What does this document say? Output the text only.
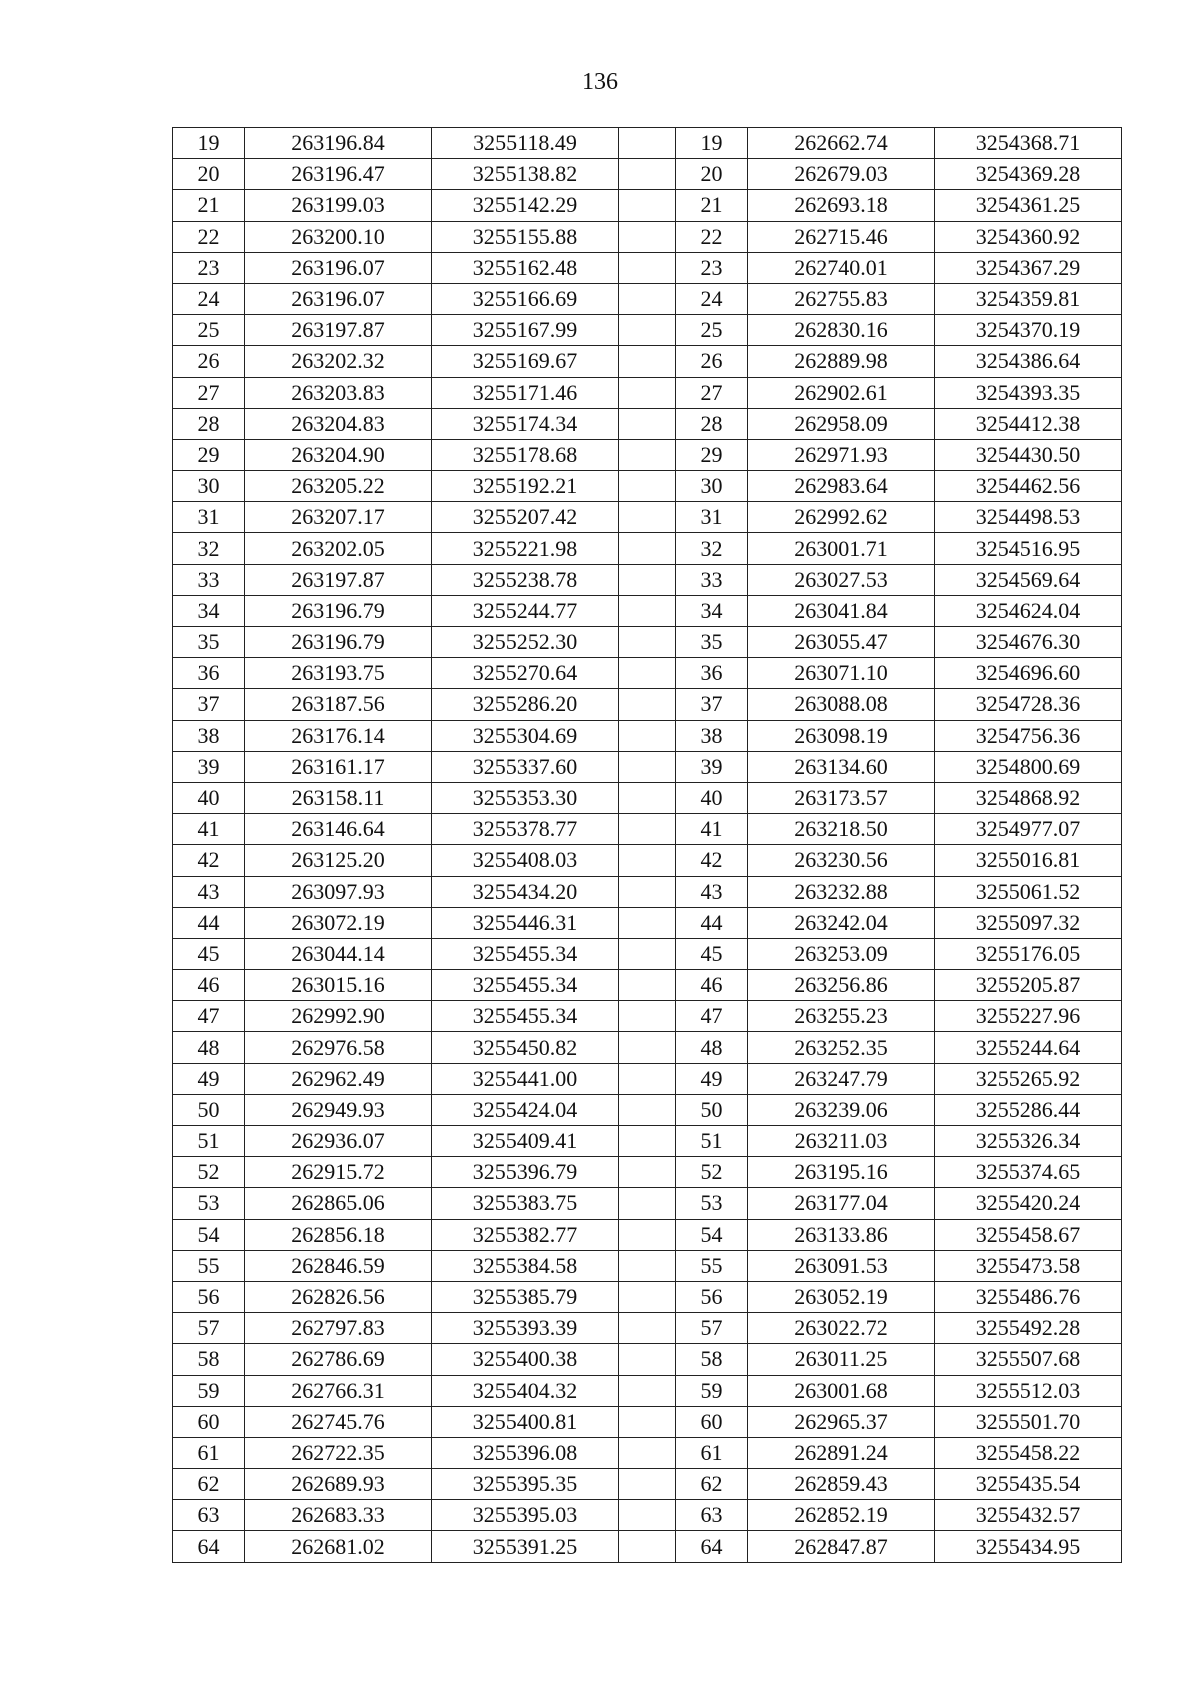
136
19	263196.84	3255118.49		19	262662.74	3254368.71
20	263196.47	3255138.82		20	262679.03	3254369.28
21	263199.03	3255142.29		21	262693.18	3254361.25
22	263200.10	3255155.88		22	262715.46	3254360.92
23	263196.07	3255162.48		23	262740.01	3254367.29
24	263196.07	3255166.69		24	262755.83	3254359.81
25	263197.87	3255167.99		25	262830.16	3254370.19
26	263202.32	3255169.67		26	262889.98	3254386.64
27	263203.83	3255171.46		27	262902.61	3254393.35
28	263204.83	3255174.34		28	262958.09	3254412.38
29	263204.90	3255178.68		29	262971.93	3254430.50
30	263205.22	3255192.21		30	262983.64	3254462.56
31	263207.17	3255207.42		31	262992.62	3254498.53
32	263202.05	3255221.98		32	263001.71	3254516.95
33	263197.87	3255238.78		33	263027.53	3254569.64
34	263196.79	3255244.77		34	263041.84	3254624.04
35	263196.79	3255252.30		35	263055.47	3254676.30
36	263193.75	3255270.64		36	263071.10	3254696.60
37	263187.56	3255286.20		37	263088.08	3254728.36
38	263176.14	3255304.69		38	263098.19	3254756.36
39	263161.17	3255337.60		39	263134.60	3254800.69
40	263158.11	3255353.30		40	263173.57	3254868.92
41	263146.64	3255378.77		41	263218.50	3254977.07
42	263125.20	3255408.03		42	263230.56	3255016.81
43	263097.93	3255434.20		43	263232.88	3255061.52
44	263072.19	3255446.31		44	263242.04	3255097.32
45	263044.14	3255455.34		45	263253.09	3255176.05
46	263015.16	3255455.34		46	263256.86	3255205.87
47	262992.90	3255455.34		47	263255.23	3255227.96
48	262976.58	3255450.82		48	263252.35	3255244.64
49	262962.49	3255441.00		49	263247.79	3255265.92
50	262949.93	3255424.04		50	263239.06	3255286.44
51	262936.07	3255409.41		51	263211.03	3255326.34
52	262915.72	3255396.79		52	263195.16	3255374.65
53	262865.06	3255383.75		53	263177.04	3255420.24
54	262856.18	3255382.77		54	263133.86	3255458.67
55	262846.59	3255384.58		55	263091.53	3255473.58
56	262826.56	3255385.79		56	263052.19	3255486.76
57	262797.83	3255393.39		57	263022.72	3255492.28
58	262786.69	3255400.38		58	263011.25	3255507.68
59	262766.31	3255404.32		59	263001.68	3255512.03
60	262745.76	3255400.81		60	262965.37	3255501.70
61	262722.35	3255396.08		61	262891.24	3255458.22
62	262689.93	3255395.35		62	262859.43	3255435.54
63	262683.33	3255395.03		63	262852.19	3255432.57
64	262681.02	3255391.25		64	262847.87	3255434.95
